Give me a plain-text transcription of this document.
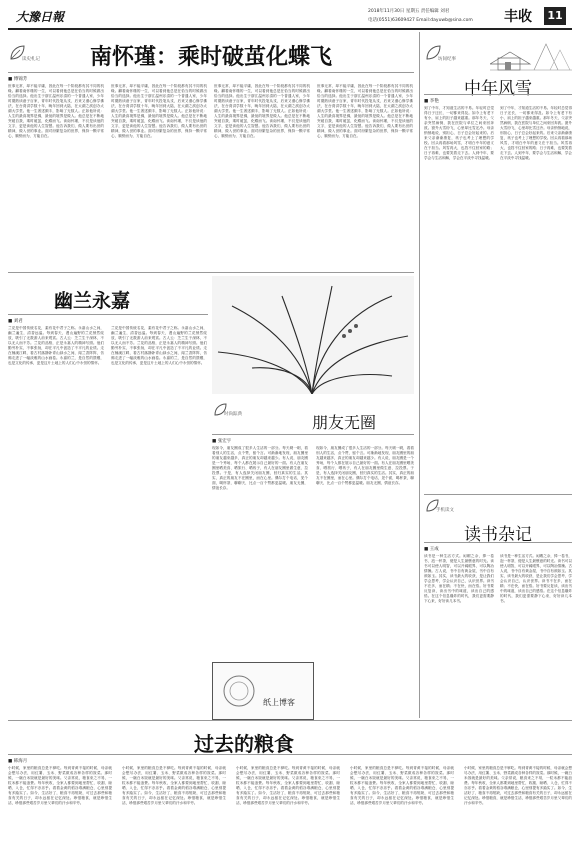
大豫日報	2018年11月30日 星期五 责任编辑 刘君
电话(0551)63609427 Email:dayuwb@sina.com 丰收	11
读史札记 南怀瑾：乘时破茧化蝶飞
■ 傅锦芳
世事无常，却不能平庸，因此在每一个阶段都有其不同的机缘。翻看南怀瑾的一生，可以看到他总是在恰当的时候做出恰当的选择。他出生于浙江温州乐清的一个普通人家，少年时期熟读诸子百家，青年时代投笔从戎，后来又潜心修学佛法，在台湾讲学数十年，晚年回到大陆，在太湖之滨创办太湖大学堂。他一生著述颇丰，影响了无数人。正如他所说：人生的最高境界是佛，最低的境界是做人。他总是在不断地突破自我，乘时破茧，化蝶而飞。读南怀瑾，不仅是读他的文字，更是读他的人生智慧。他告诉我们，做人要有出世的精神，做入世的事业。面对纷繁复杂的世界，保持一颗平常心，顺势而为，方能自在。
世事无常，却不能平庸，因此在每一个阶段都有其不同的机缘。翻看南怀瑾的一生，可以看到他总是在恰当的时候做出恰当的选择。他出生于浙江温州乐清的一个普通人家，少年时期熟读诸子百家，青年时代投笔从戎，后来又潜心修学佛法，在台湾讲学数十年，晚年回到大陆，在太湖之滨创办太湖大学堂。他一生著述颇丰，影响了无数人。正如他所说：人生的最高境界是佛，最低的境界是做人。他总是在不断地突破自我，乘时破茧，化蝶而飞。读南怀瑾，不仅是读他的文字，更是读他的人生智慧。他告诉我们，做人要有出世的精神，做入世的事业。面对纷繁复杂的世界，保持一颗平常心，顺势而为，方能自在。
世事无常，却不能平庸，因此在每一个阶段都有其不同的机缘。翻看南怀瑾的一生，可以看到他总是在恰当的时候做出恰当的选择。他出生于浙江温州乐清的一个普通人家，少年时期熟读诸子百家，青年时代投笔从戎，后来又潜心修学佛法，在台湾讲学数十年，晚年回到大陆，在太湖之滨创办太湖大学堂。他一生著述颇丰，影响了无数人。正如他所说：人生的最高境界是佛，最低的境界是做人。他总是在不断地突破自我，乘时破茧，化蝶而飞。读南怀瑾，不仅是读他的文字，更是读他的人生智慧。他告诉我们，做人要有出世的精神，做入世的事业。面对纷繁复杂的世界，保持一颗平常心，顺势而为，方能自在。
世事无常，却不能平庸，因此在每一个阶段都有其不同的机缘。翻看南怀瑾的一生，可以看到他总是在恰当的时候做出恰当的选择。他出生于浙江温州乐清的一个普通人家，少年时期熟读诸子百家，青年时代投笔从戎，后来又潜心修学佛法，在台湾讲学数十年，晚年回到大陆，在太湖之滨创办太湖大学堂。他一生著述颇丰，影响了无数人。正如他所说：人生的最高境界是佛，最低的境界是做人。他总是在不断地突破自我，乘时破茧，化蝶而飞。读南怀瑾，不仅是读他的文字，更是读他的人生智慧。他告诉我们，做人要有出世的精神，做入世的事业。面对纷繁复杂的世界，保持一颗平常心，顺势而为，方能自在。
坊间纪事
中年风雪
■ 李艳
到了中年，才知道生活的不易。年轻时总觉得日子还长，一切都来得及。如今上有老下有小，肩上的担子越来越重。那年冬天，父亲突然病倒，我在医院与单位之间来回奔波。窗外大雪纷飞，心里却比雪还冷。母亲悄悄地说，别担心，日子总会好起来的。后来父亲渐渐康复，孩子也考上了理想的学校。回头再看那场风雪，才明白中年的意义在于担当。风雪再大，也挡不住回家的路；日子再难，也要笑着走下去。人到中年，要学会与生活和解，学会在平淡中寻找温暖。
到了中年，才知道生活的不易。年轻时总觉得日子还长，一切都来得及。如今上有老下有小，肩上的担子越来越重。那年冬天，父亲突然病倒，我在医院与单位之间来回奔波。窗外大雪纷飞，心里却比雪还冷。母亲悄悄地说，别担心，日子总会好起来的。后来父亲渐渐康复，孩子也考上了理想的学校。回头再看那场风雪，才明白中年的意义在于担当。风雪再大，也挡不住回家的路；日子再难，也要笑着走下去。人到中年，要学会与生活和解，学会在平淡中寻找温暖。
幽兰永嘉
■ 刘君
兰花是中国传统名花，素有花中君子之称。永嘉山水之间，幽兰遍生，清香远溢。每到春天，漫山遍野的兰花悄然绽放，吸引了无数游人前来观赏。古人云：芝兰生于深林，不以无人而不芳。兰花的品格，正是永嘉人的精神写照。他们勤劳朴实，不事张扬，却在平凡中创造了不平凡的业绩。走在楠溪江畔，看古村落静卧青山绿水之间，闻兰香阵阵，仿佛走进了一幅淡雅的山水画卷。永嘉的兰，是自然的馈赠，也是文化的传承，更是这片土地上的人们心中永恒的情怀。
兰花是中国传统名花，素有花中君子之称。永嘉山水之间，幽兰遍生，清香远溢。每到春天，漫山遍野的兰花悄然绽放，吸引了无数游人前来观赏。古人云：芝兰生于深林，不以无人而不芳。兰花的品格，正是永嘉人的精神写照。他们勤劳朴实，不事张扬，却在平凡中创造了不平凡的业绩。走在楠溪江畔，看古村落静卧青山绿水之间，闻兰香阵阵，仿佛走进了一幅淡雅的山水画卷。永嘉的兰，是自然的馈赠，也是文化的传承，更是这片土地上的人们心中永恒的情怀。
时尚踪典	朋友无圈
■ 张宏宇
现如今，朋友圈成了很多人生活的一部分。每天刷一刷，看看别人的生活，点个赞，留个言。可渐渐地发现，朋友圈里的朋友越来越多，真正的朋友却越来越少。有人说，朋友圈是一个秀场，每个人都在展示自己最好的一面。有人在朋友圈里晒美食、晒旅行、晒孩子，有人在朋友圈里做生意、拉投票。于是，有人选择关闭朋友圈，回归真实的生活。其实，真正的朋友不在圈里，而在心里。偶尔打个电话，见个面，喝杯茶，聊聊天，比点一百个赞都更温暖。朋友无圈，情谊长存。
现如今，朋友圈成了很多人生活的一部分。每天刷一刷，看看别人的生活，点个赞，留个言。可渐渐地发现，朋友圈里的朋友越来越多，真正的朋友却越来越少。有人说，朋友圈是一个秀场，每个人都在展示自己最好的一面。有人在朋友圈里晒美食、晒旅行、晒孩子，有人在朋友圈里做生意、拉投票。于是，有人选择关闭朋友圈，回归真实的生活。其实，真正的朋友不在圈里，而在心里。偶尔打个电话，见个面，喝杯茶，聊聊天，比点一百个赞都更温暖。朋友无圈，情谊长存。
纸上博客
手机读文
读书杂记
■ 王成
读书是一种生活方式。闲暇之余，捧一卷书，泡一杯茶，便是人生最惬意的时光。读书可以使人明智，可以开阔眼界，可以陶冶情操。古人说，书中自有黄金屋，书中自有颜如玉。其实，读书最大的收获，是让我们学会思考，学会认识自己，认识世界。读书不在多，而在精；不在快，而在悟。好书要反复读，读出书中的味道，读出自己的感悟。在这个信息爆炸的时代，我们更需要静下心来，好好读几本书。
读书是一种生活方式。闲暇之余，捧一卷书，泡一杯茶，便是人生最惬意的时光。读书可以使人明智，可以开阔眼界，可以陶冶情操。古人说，书中自有黄金屋，书中自有颜如玉。其实，读书最大的收获，是让我们学会思考，学会认识自己，认识世界。读书不在多，而在精；不在快，而在悟。好书要反复读，读出书中的味道，读出自己的感悟。在这个信息爆炸的时代，我们更需要静下心来，好好读几本书。
过去的粮食
■ 韩海月
小时候，家里的粮食总是不够吃。每到青黄不接的时候，母亲就会想尽办法，用红薯、玉米、野菜做成各种各样的饭菜。那时候，一碗白米饭就是最好的美味。父亲常说，粮食来之不易，一粒米都不能浪费。每年秋收，全家人都要到地里帮忙，收割、晾晒、入仓，忙得不亦乐乎。看着金黄的稻谷堆满粮仓，心里别提有多踏实了。如今，生活好了，粮食不再短缺，可过去那些和粮食有关的日子，却永远留在记忆深处。珍惜粮食，就是珍惜生活，珍惜那些艰苦岁月里父辈们的汗水和辛劳。
小时候，家里的粮食总是不够吃。每到青黄不接的时候，母亲就会想尽办法，用红薯、玉米、野菜做成各种各样的饭菜。那时候，一碗白米饭就是最好的美味。父亲常说，粮食来之不易，一粒米都不能浪费。每年秋收，全家人都要到地里帮忙，收割、晾晒、入仓，忙得不亦乐乎。看着金黄的稻谷堆满粮仓，心里别提有多踏实了。如今，生活好了，粮食不再短缺，可过去那些和粮食有关的日子，却永远留在记忆深处。珍惜粮食，就是珍惜生活，珍惜那些艰苦岁月里父辈们的汗水和辛劳。
小时候，家里的粮食总是不够吃。每到青黄不接的时候，母亲就会想尽办法，用红薯、玉米、野菜做成各种各样的饭菜。那时候，一碗白米饭就是最好的美味。父亲常说，粮食来之不易，一粒米都不能浪费。每年秋收，全家人都要到地里帮忙，收割、晾晒、入仓，忙得不亦乐乎。看着金黄的稻谷堆满粮仓，心里别提有多踏实了。如今，生活好了，粮食不再短缺，可过去那些和粮食有关的日子，却永远留在记忆深处。珍惜粮食，就是珍惜生活，珍惜那些艰苦岁月里父辈们的汗水和辛劳。
小时候，家里的粮食总是不够吃。每到青黄不接的时候，母亲就会想尽办法，用红薯、玉米、野菜做成各种各样的饭菜。那时候，一碗白米饭就是最好的美味。父亲常说，粮食来之不易，一粒米都不能浪费。每年秋收，全家人都要到地里帮忙，收割、晾晒、入仓，忙得不亦乐乎。看着金黄的稻谷堆满粮仓，心里别提有多踏实了。如今，生活好了，粮食不再短缺，可过去那些和粮食有关的日子，却永远留在记忆深处。珍惜粮食，就是珍惜生活，珍惜那些艰苦岁月里父辈们的汗水和辛劳。
小时候，家里的粮食总是不够吃。每到青黄不接的时候，母亲就会想尽办法，用红薯、玉米、野菜做成各种各样的饭菜。那时候，一碗白米饭就是最好的美味。父亲常说，粮食来之不易，一粒米都不能浪费。每年秋收，全家人都要到地里帮忙，收割、晾晒、入仓，忙得不亦乐乎。看着金黄的稻谷堆满粮仓，心里别提有多踏实了。如今，生活好了，粮食不再短缺，可过去那些和粮食有关的日子，却永远留在记忆深处。珍惜粮食，就是珍惜生活，珍惜那些艰苦岁月里父辈们的汗水和辛劳。
